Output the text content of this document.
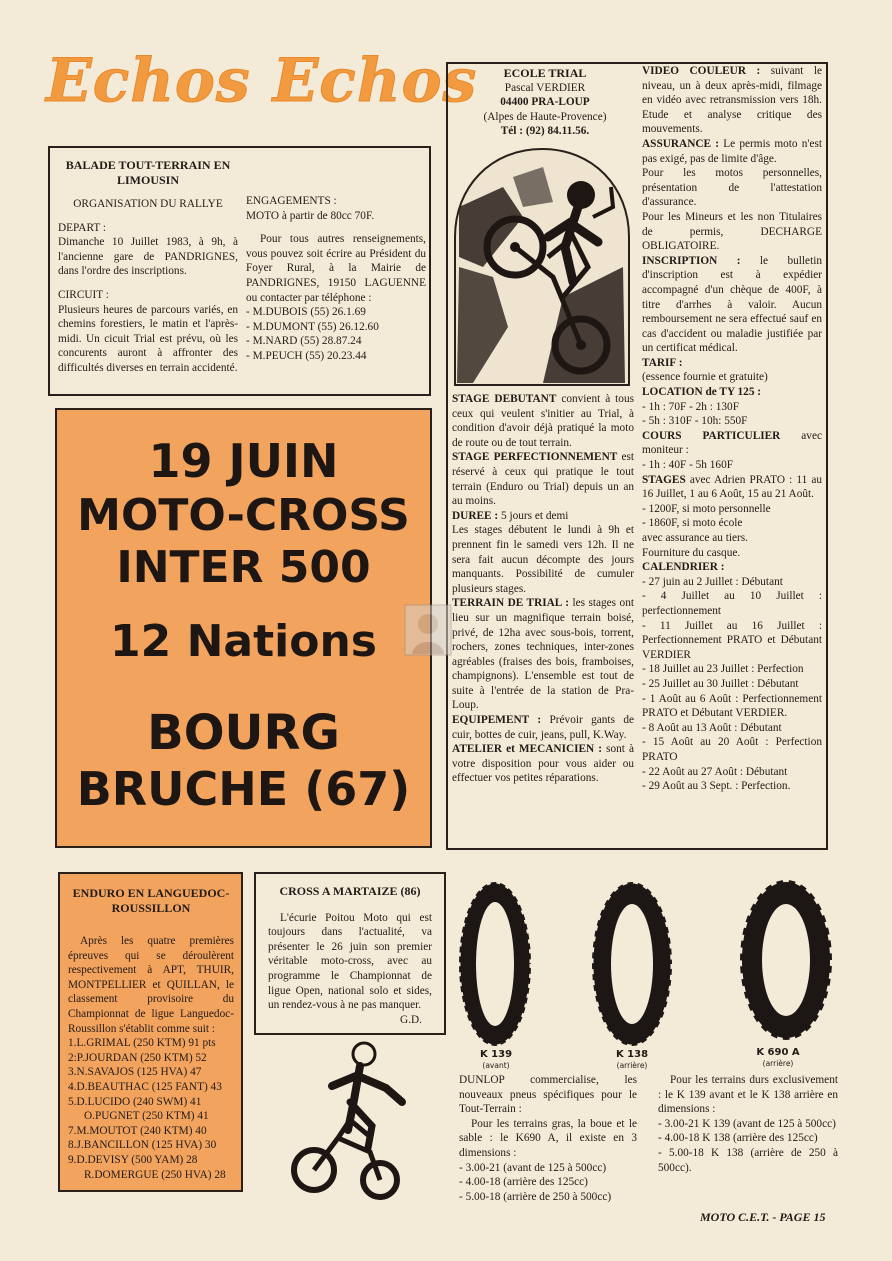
Echos Echos
BALADE TOUT-TERRAIN EN LIMOUSIN

ORGANISATION DU RALLYE

DEPART :

Dimanche 10 Juillet 1983, à 9h, à l'ancienne gare de PANDRIGNES, dans l'ordre des inscriptions.

CIRCUIT :

Plusieurs heures de parcours variés, en chemins forestiers, le matin et l'après-midi. Un cicuit Trial est prévu, où les concurents auront à affronter des difficultés diverses en terrain accidenté.

ENGAGEMENTS :

MOTO à partir de 80cc 70F.

Pour tous autres renseignements, vous pouvez soit écrire au Président du Foyer Rural, à la Mairie de PANDRIGNES, 19150 LAGUENNE ou contacter par téléphone :

- M.DUBOIS (55) 26.1.69

- M.DUMONT (55) 26.12.60

- M.NARD (55) 28.87.24

- M.PEUCH (55) 20.23.44

19 JUIN
MOTO-CROSS
INTER 500
12 Nations
BOURG
BRUCHE (67)

ECOLE TRIAL

Pascal VERDIER

04400 PRA-LOUP

(Alpes de Haute-Provence)

Tél : (92) 84.11.56.

STAGE DEBUTANT convient à tous ceux qui veulent s'initier au Trial, à condition d'avoir déjà pratiqué la moto de route ou de tout terrain.

STAGE PERFECTIONNEMENT est réservé à ceux qui pratique le tout terrain (Enduro ou Trial) depuis un an au moins.

DUREE : 5 jours et demi

Les stages débutent le lundi à 9h et prennent fin le samedi vers 12h. Il ne sera fait aucun décompte des jours manquants. Possibilité de cumuler plusieurs stages.

TERRAIN DE TRIAL : les stages ont lieu sur un magnifique terrain boisé, privé, de 12ha avec sous-bois, torrent, rochers, zones techniques, inter-zones agréables (fraises des bois, framboises, champignons). L'ensemble est tout de suite à l'entrée de la station de Pra-Loup.

EQUIPEMENT : Prévoir gants de cuir, bottes de cuir, jeans, pull, K.Way.

ATELIER et MECANICIEN : sont à votre disposition pour vous aider ou effectuer vos petites réparations.

VIDEO COULEUR : suivant le niveau, un à deux après-midi, filmage en vidéo avec retransmission vers 18h. Etude et analyse critique des mouvements.

ASSURANCE : Le permis moto n'est pas exigé, pas de limite d'âge.

Pour les motos personnelles, présentation de l'attestation d'assurance.

Pour les Mineurs et les non Titulaires de permis, DECHARGE OBLIGATOIRE.

INSCRIPTION : le bulletin d'inscription est à expédier accompagné d'un chèque de 400F, à titre d'arrhes à valoir. Aucun remboursement ne sera effectué sauf en cas d'accident ou maladie justifiée par un certificat médical.

TARIF :

(essence fournie et gratuite)

LOCATION de TY 125 :

- 1h : 70F - 2h : 130F

- 5h : 310F - 10h: 550F

COURS PARTICULIER avec moniteur :

- 1h : 40F - 5h 160F

STAGES avec Adrien PRATO : 11 au 16 Juillet, 1 au 6 Août, 15 au 21 Août.

- 1200F, si moto personnelle

- 1860F, si moto école

avec assurance au tiers.

Fourniture du casque.

CALENDRIER :

- 27 juin au 2 Juillet : Débutant

- 4 Juillet au 10 Juillet : perfectionnement

- 11 Juillet au 16 Juillet : Perfectionnement PRATO et Débutant VERDIER

- 18 Juillet au 23 Juillet : Perfection

- 25 Juillet au 30 Juillet : Débutant

- 1 Août au 6 Août : Perfectionnement PRATO et Débutant VERDIER.

- 8 Août au 13 Août : Débutant

- 15 Août au 20 Août : Perfection PRATO

- 22 Août au 27 Août : Débutant

- 29 Août au 3 Sept. : Perfection.

ENDURO EN LANGUEDOC-ROUSSILLON

Après les quatre premières épreuves qui se déroulèrent respectivement à APT, THUIR, MONTPELLIER et QUILLAN, le classement provisoire du Championnat de ligue Languedoc-Roussillon s'établit comme suit :

1.L.GRIMAL (250 KTM) 91 pts

2:P.JOURDAN (250 KTM) 52

3.N.SAVAJOS (125 HVA) 47

4.D.BEAUTHAC (125 FANT) 43

5.D.LUCIDO (240 SWM) 41

O.PUGNET (250 KTM) 41

7.M.MOUTOT (240 KTM) 40

8.J.BANCILLON (125 HVA) 30

9.D.DEVISY (500 YAM) 28

R.DOMERGUE (250 HVA) 28

CROSS A MARTAIZE (86)

L'écurie Poitou Moto qui est toujours dans l'actualité, va présenter le 26 juin son premier véritable moto-cross, avec au programme le Championnat de ligue Open, national solo et sides, un rendez-vous à ne pas manquer.

G.D.

K 139
(avant)
K 138
(arrière)
K 690 A
(arrière)

DUNLOP commercialise, les nouveaux pneus spécifiques pour le Tout-Terrain :

Pour les terrains gras, la boue et le sable : le K690 A, il existe en 3 dimensions :

- 3.00-21 (avant de 125 à 500cc)

- 4.00-18 (arrière des 125cc)

- 5.00-18 (arrière de 250 à 500cc)

Pour les terrains durs exclusivement : le K 139 avant et le K 138 arrière en dimensions :

- 3.00-21 K 139 (avant de 125 à 500cc)

- 4.00-18 K 138 (arrière des 125cc)

- 5.00-18 K 138 (arrière de 250 à 500cc).

MOTO C.E.T. - PAGE 15
